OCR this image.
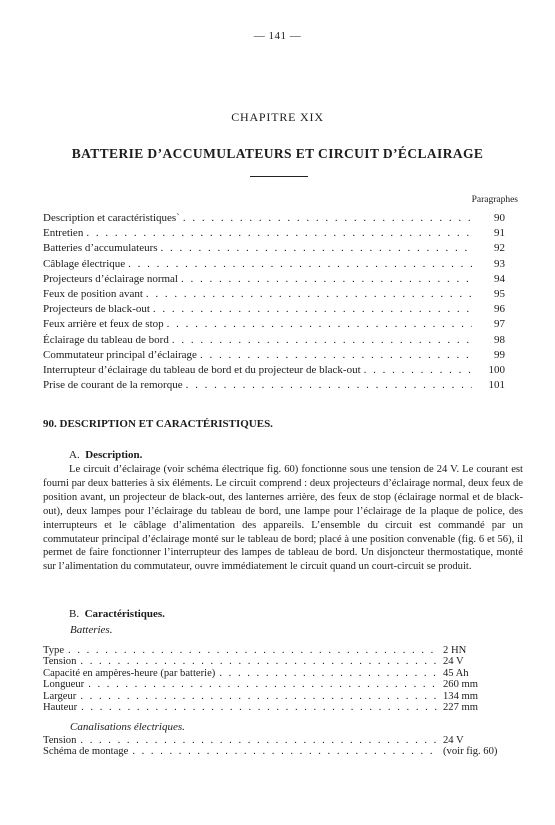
— 141 —
CHAPITRE XIX
BATTERIE D’ACCUMULATEURS ET CIRCUIT D’ÉCLAIRAGE
Paragraphes
Description et caractéristiques` . . .	90
Entretien . . .	91
Batteries d’accumulateurs . . .	92
Câblage électrique . . .	93
Projecteurs d’éclairage normal . . .	94
Feux de position avant . . .	95
Projecteurs de black-out . . .	96
Feux arrière et feux de stop . . .	97
Éclairage du tableau de bord . . .	98
Commutateur principal d’éclairage . . .	99
Interrupteur d’éclairage du tableau de bord et du projecteur de black-out . . .	100
Prise de courant de la remorque . . .	101
90. DESCRIPTION ET CARACTÉRISTIQUES.
A. Description.

Le circuit d’éclairage (voir schéma électrique fig. 60) fonctionne sous une tension de 24 V. Le courant est fourni par deux batteries à six éléments. Le circuit comprend : deux projecteurs d’éclairage normal, deux feux de position avant, un projecteur de black-out, des lanternes arrière, des feux de stop (éclairage normal et de black-out), deux lampes pour l’éclairage du tableau de bord, une lampe pour l’éclairage de la plaque de police, des interrupteurs et le câblage d’alimentation des appareils. L’ensemble du circuit est commandé par un commutateur principal d’éclairage monté sur le tableau de bord; placé à une position convenable (fig. 6 et 56), il permet de faire fonctionner l’interrupteur des lampes de tableau de bord. Un disjoncteur thermostatique, monté sur l’alimentation du commutateur, ouvre immédiatement le circuit quand un court-circuit se produit.

B. Caractéristiques.
Batteries.
Type . . .	2 HN
Tension . . .	24 V
Capacité en ampères-heure (par batterie) . . .	45 Ah
Longueur . . .	260 mm
Largeur . . .	134 mm
Hauteur . . .	227 mm
Canalisations électriques.
Tension . . .	24 V
Schéma de montage . . .	(voir fig. 60)
